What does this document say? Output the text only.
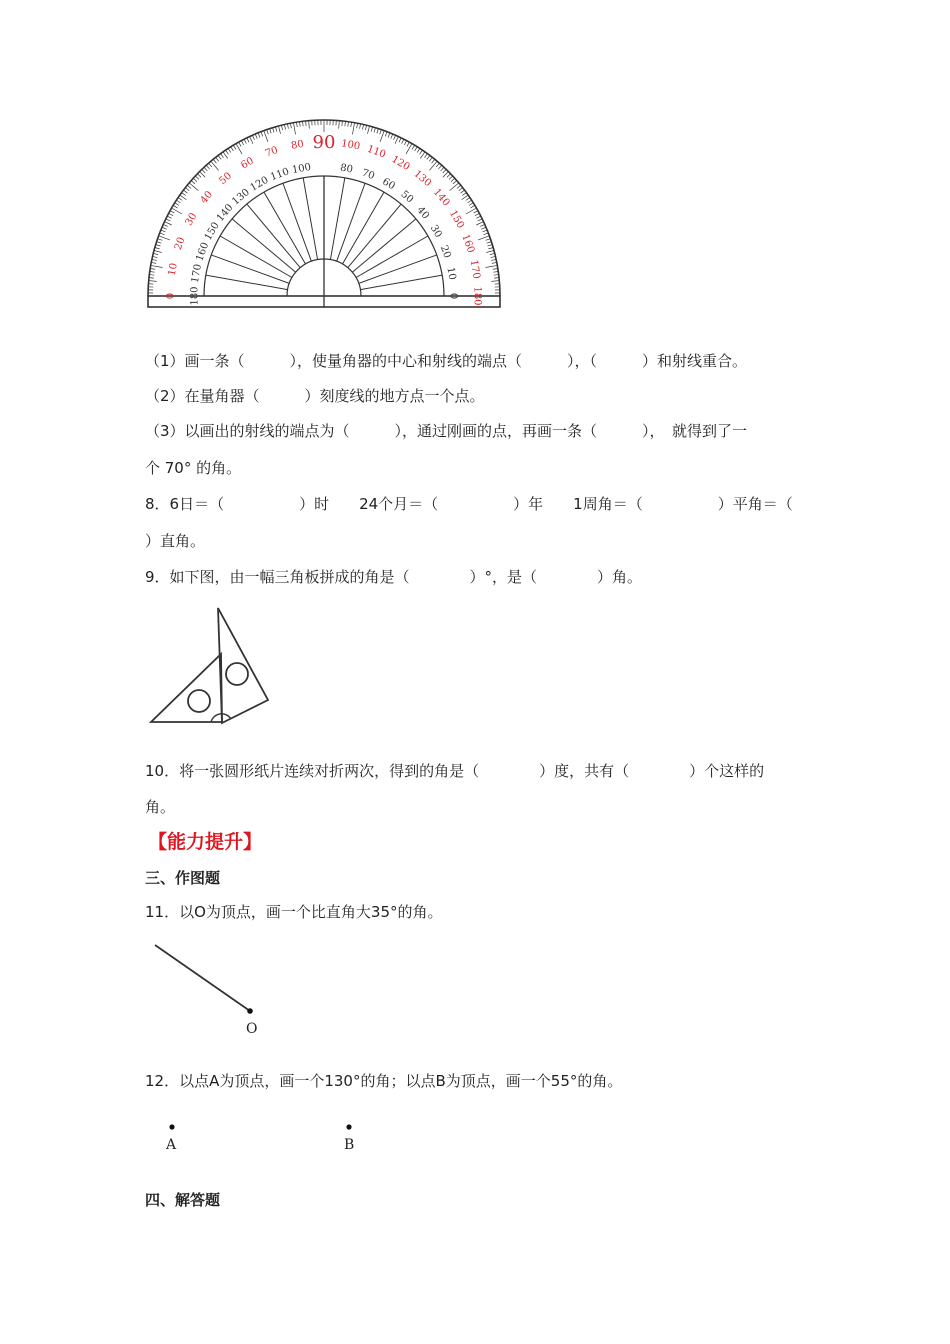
0
10
20
30
40
50
60
70 80 90 100 110
120
130
140
150
160
170
180
180
170
160
150
140
130
120
110 100	80 70
60
50
40
30
20
10
0
（1）画一条（　　　），使量角器的中心和射线的端点（　　　），（　　　）和射线重合。
（2）在量角器（　　　）刻度线的地方点一个点。
（3）以画出的射线的端点为（　　　），通过刚画的点，再画一条（　　　），　就得到了一
个 70° 的角。
8．6日＝（　　　　　）时　　24个月＝（　　　　　）年　　1周角＝（　　　　　）平角＝（
）直角。
9．如下图，由一幅三角板拼成的角是（　　　　）°，是（　　　　）角。
10．将一张圆形纸片连续对折两次，得到的角是（　　　　）度，共有（　　　　）个这样的
角。
【能力提升】
三、作图题
11．以O为顶点，画一个比直角大35°的角。
O
12．以点A为顶点，画一个130°的角；以点B为顶点，画一个55°的角。
A	B
四、解答题
